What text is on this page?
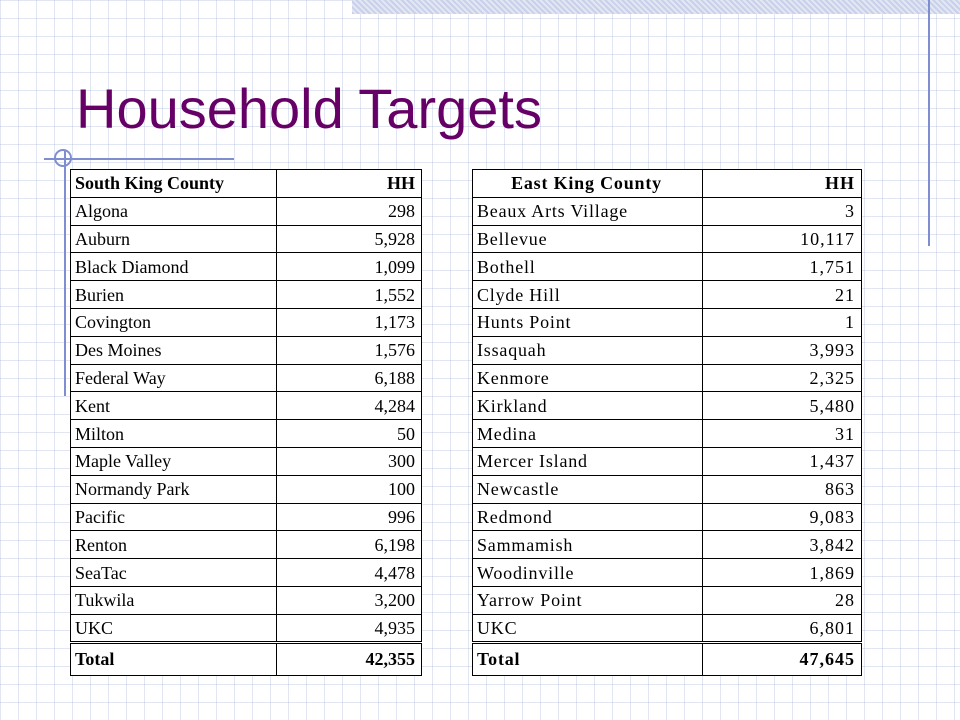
Household Targets
South King County	HH
Algona	298
Auburn	5,928
Black Diamond	1,099
Burien	1,552
Covington	1,173
Des Moines	1,576
Federal Way	6,188
Kent	4,284
Milton	50
Maple Valley	300
Normandy Park	100
Pacific	996
Renton	6,198
SeaTac	4,478
Tukwila	3,200
UKC	4,935
Total	42,355
East King County	HH
Beaux Arts Village	3
Bellevue	10,117
Bothell	1,751
Clyde Hill	21
Hunts Point	1
Issaquah	3,993
Kenmore	2,325
Kirkland	5,480
Medina	31
Mercer Island	1,437
Newcastle	863
Redmond	9,083
Sammamish	3,842
Woodinville	1,869
Yarrow Point	28
UKC	6,801
Total	47,645
